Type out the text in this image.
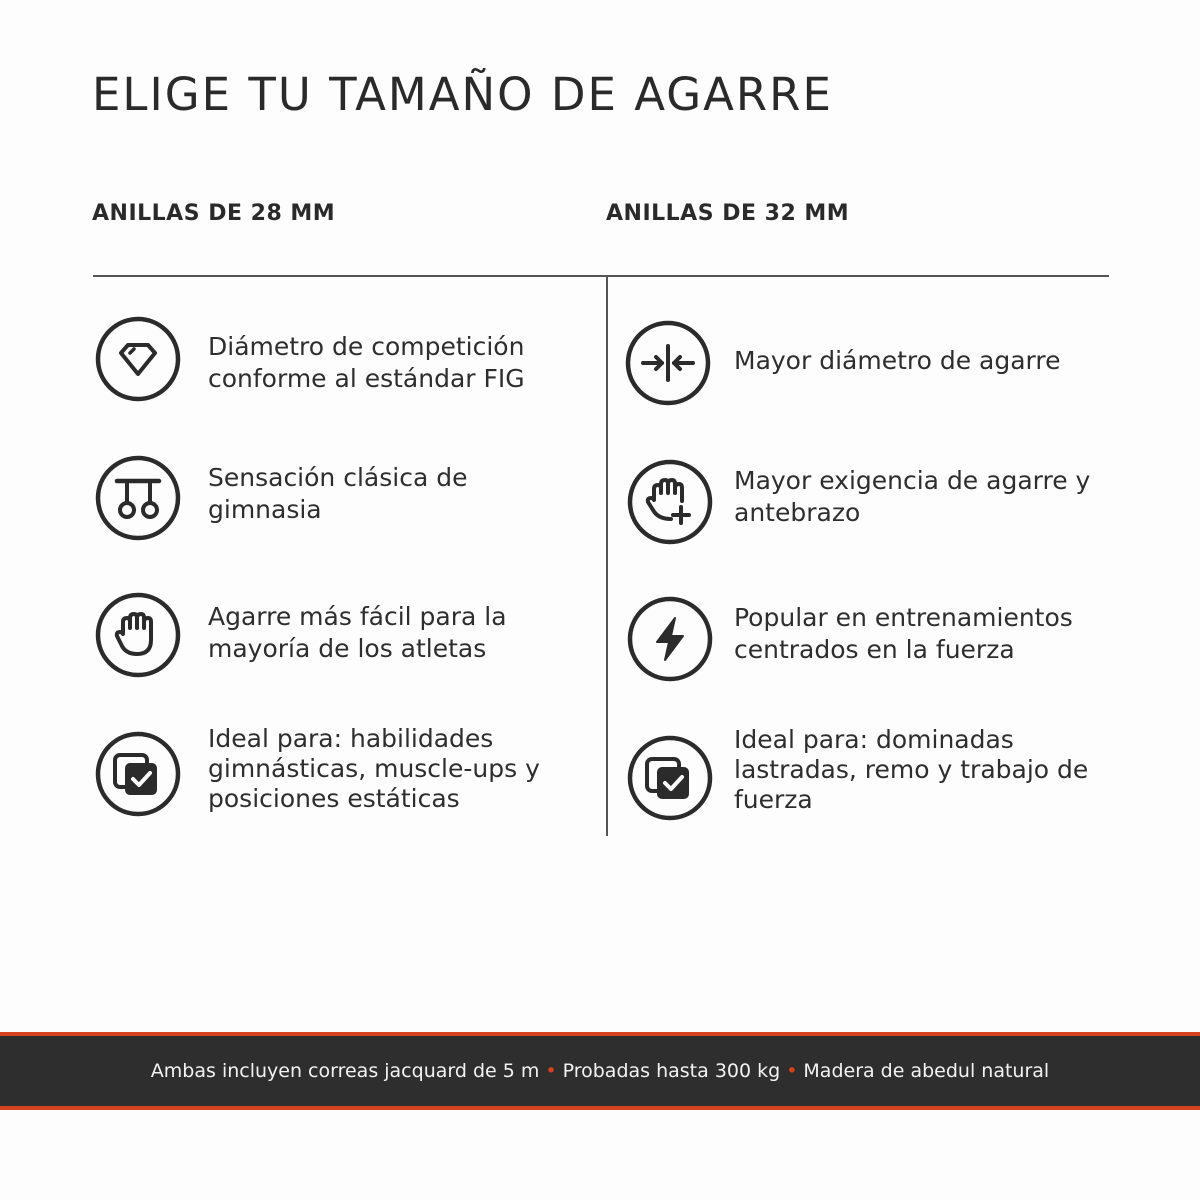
ELIGE TU TAMAÑO DE AGARRE
ANILLAS DE 28 MM	ANILLAS DE 32 MM
Diámetro de competición conforme al estándar FIG
Sensación clásica de gimnasia
Agarre más fácil para la mayoría de los atletas
Ideal para: habilidades gimnásticas, muscle-ups y posiciones estáticas
Mayor diámetro de agarre
Mayor exigencia de agarre y antebrazo
Popular en entrenamientos centrados en la fuerza
Ideal para: dominadas lastradas, remo y trabajo de fuerza
Ambas incluyen correas jacquard de 5 m • Probadas hasta 300 kg • Madera de abedul natural
